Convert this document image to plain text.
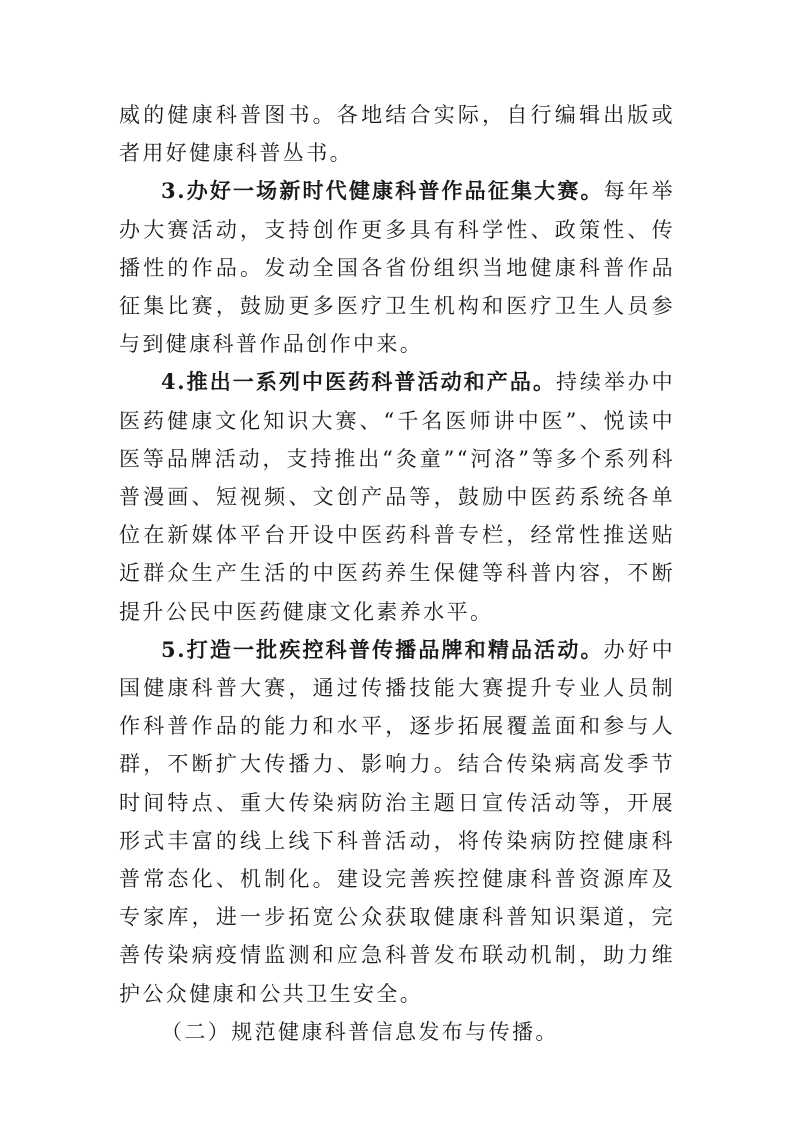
威的健康科普图书。各地结合实际，自行编辑出版或者用好健康科普丛书。

3.办好一场新时代健康科普作品征集大赛。每年举办大赛活动，支持创作更多具有科学性、政策性、传播性的作品。发动全国各省份组织当地健康科普作品征集比赛，鼓励更多医疗卫生机构和医疗卫生人员参与到健康科普作品创作中来。

4.推出一系列中医药科普活动和产品。持续举办中医药健康文化知识大赛、“千名医师讲中医”、悦读中医等品牌活动，支持推出“灸童”“河洛”等多个系列科普漫画、短视频、文创产品等，鼓励中医药系统各单位在新媒体平台开设中医药科普专栏，经常性推送贴近群众生产生活的中医药养生保健等科普内容，不断提升公民中医药健康文化素养水平。

5.打造一批疾控科普传播品牌和精品活动。办好中国健康科普大赛，通过传播技能大赛提升专业人员制作科普作品的能力和水平，逐步拓展覆盖面和参与人群，不断扩大传播力、影响力。结合传染病高发季节时间特点、重大传染病防治主题日宣传活动等，开展形式丰富的线上线下科普活动，将传染病防控健康科普常态化、机制化。建设完善疾控健康科普资源库及专家库，进一步拓宽公众获取健康科普知识渠道，完善传染病疫情监测和应急科普发布联动机制，助力维护公众健康和公共卫生安全。

（二）规范健康科普信息发布与传播。
